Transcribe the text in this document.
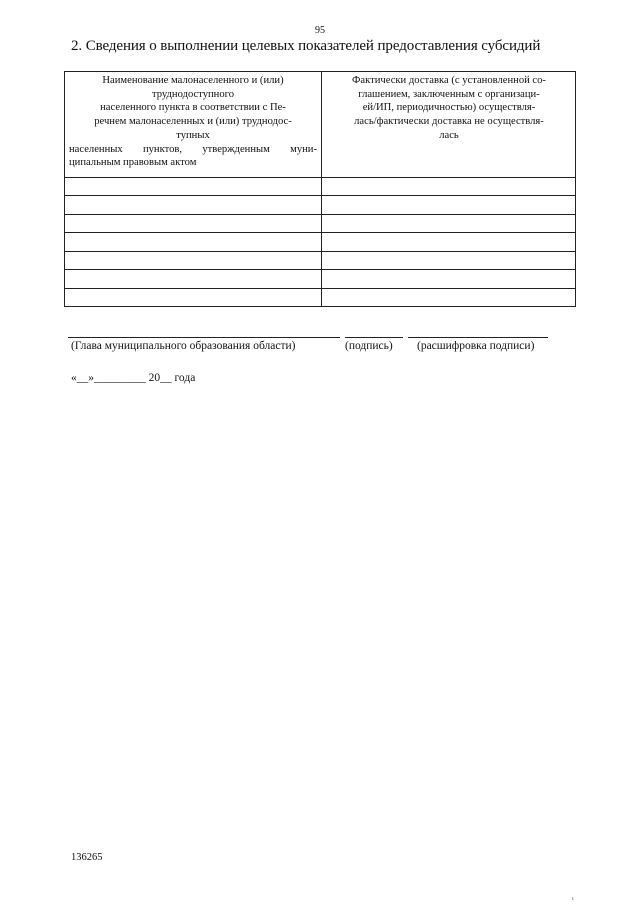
95
2. Сведения о выполнении целевых показателей предоставления субсидий
Наименование малонаселенного и (или)
труднодоступного
населенного пункта в соответствии с Пе-
речнем малонаселенных и (или) труднодос-
тупных
населенных пунктов, утвержденным муни-
ципальным правовым актом
Фактически доставка (с установленной со-
глашением, заключенным с организаци-
ей/ИП, периодичностью) осуществля-
лась/фактически доставка не осуществля-
лась
(Глава муниципального образования области)	(подпись) (расшифровка подписи)
«__»_________ 20__ года
136265
ı
